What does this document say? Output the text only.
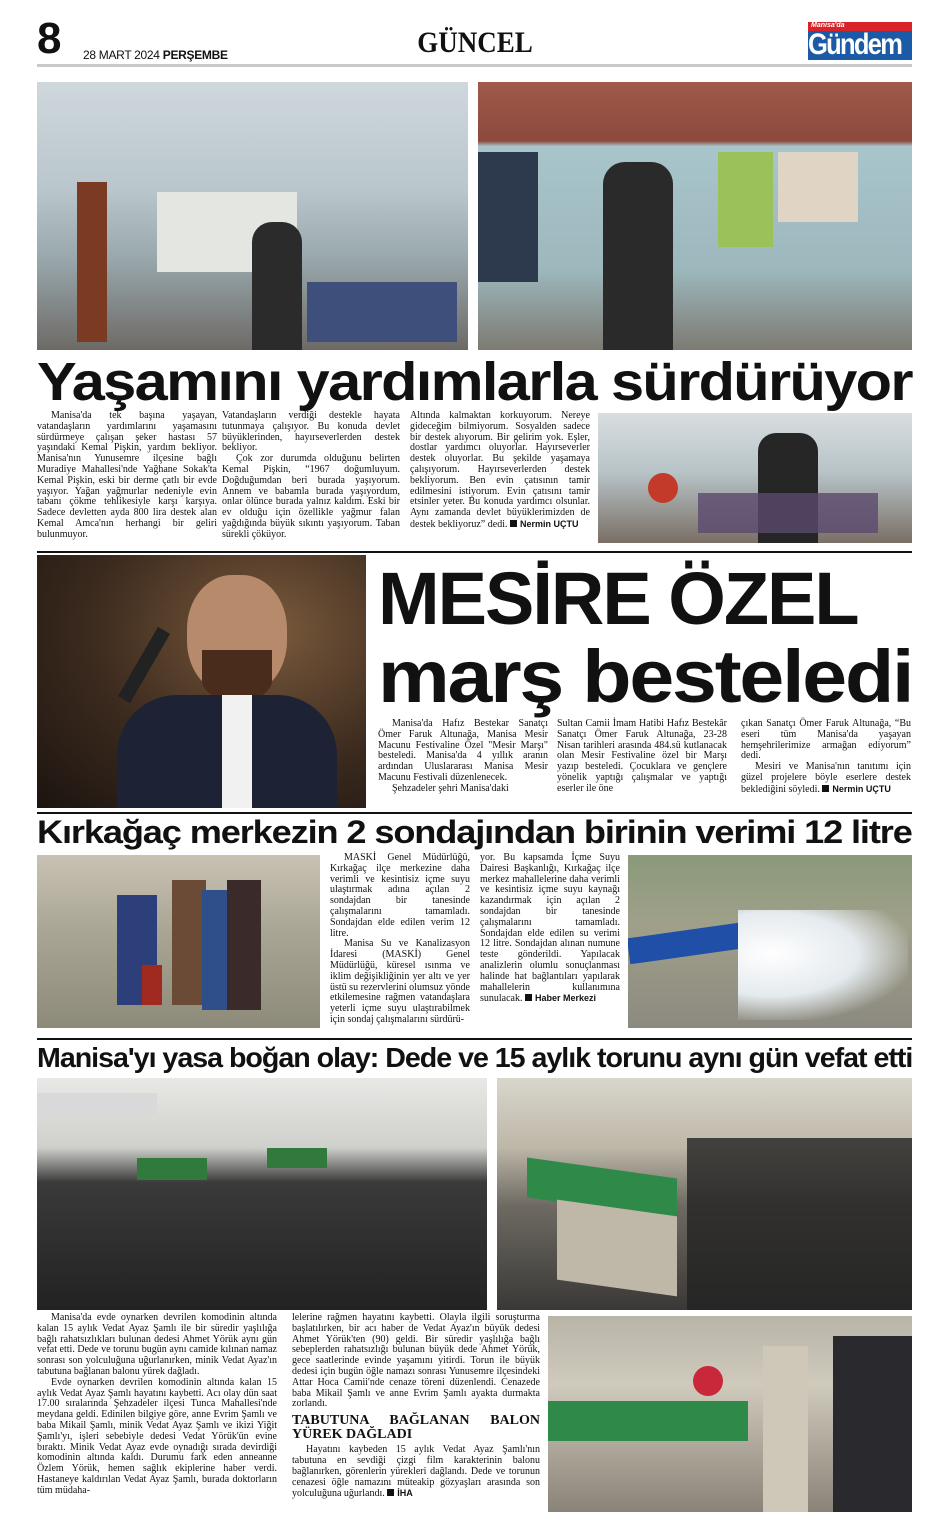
8 28 MART 2024 PERŞEMBE	GÜNCEL
Manisa'da
Gündem
Yaşamını yardımlarla sürdürüyor

Manisa'da tek başına yaşayan, vatandaşların yardımlarını yaşamasını sürdürmeye çalışan şeker hastası 57 yaşındaki Kemal Pişkin, yardım bekliyor. Manisa'nın Yunusemre ilçesine bağlı Muradiye Mahallesi'nde Yağhane Sokak'ta Kemal Pişkin, eski bir derme çatlı bir evde yaşıyor. Yağan yağmurlar nedeniyle evin tabanı çökme tehlikesiyle karşı karşıya. Sadece devletten ayda 800 lira destek alan Kemal Amca'nın herhangi bir geliri bulunmuyor.

Vatandaşların verdiği destekle hayata tutunmaya çalışıyor. Bu konuda devlet büyüklerinden, hayırseverlerden destek bekliyor.

Çok zor durumda olduğunu belirten Kemal Pişkin, “1967 doğumluyum. Doğduğumdan beri burada yaşıyorum. Annem ve babamla burada yaşıyordum, onlar ölünce burada yalnız kaldım. Eski bir ev olduğu için özellikle yağmur falan yağdığında büyük sıkıntı yaşıyorum. Taban sürekli çöküyor.

Altında kalmaktan korkuyorum. Nereye gideceğim bilmiyorum. Sosyalden sadece bir destek alıyorum. Bir gelirim yok. Eşler, dostlar yardımcı oluyorlar. Hayırseverler destek oluyorlar. Bu şekilde yaşamaya çalışıyorum. Hayırseverlerden destek bekliyorum. Ben evin çatısının tamir edilmesini istiyorum. Evin çatısını tamir etsinler yeter. Bu konuda yardımcı olsunlar. Aynı zamanda devlet büyüklerimizden de destek bekliyoruz” dedi. Nermin UÇTU

MESİRE ÖZEL
marş besteledi

Manisa'da Hafız Bestekar Sanatçı Ömer Faruk Altunağa, Manisa Mesir Macunu Festivaline Özel "Mesir Marşı" besteledi. Manisa'da 4 yıllık aranın ardından Uluslararası Manisa Mesir Macunu Festivali düzenlenecek.

Şehzadeler şehri Manisa'daki

Sultan Camii İmam Hatibi Hafız Bestekâr Sanatçı Ömer Faruk Altunağa, 23-28 Nisan tarihleri arasında 484.sü kutlanacak olan Mesir Festivaline özel bir Marşı yazıp besteledi. Çocuklara ve gençlere yönelik yaptığı çalışmalar ve yaptığı eserler ile öne

çıkan Sanatçı Ömer Faruk Altunağa, “Bu eseri tüm Manisa'da yaşayan hemşehrilerimize armağan ediyorum” dedi.

Mesiri ve Manisa'nın tanıtımı için güzel projelere böyle eserlere destek beklediğini söyledi. Nermin UÇTU

Kırkağaç merkezin 2 sondajından birinin verimi 12 litre

MASKİ Genel Müdürlüğü, Kırkağaç ilçe merkezine daha verimli ve kesintisiz içme suyu ulaştırmak adına açılan 2 sondajdan bir tanesinde çalışmalarını tamamladı. Sondajdan elde edilen verim 12 litre.

Manisa Su ve Kanalizasyon İdaresi (MASKİ) Genel Müdürlüğü, küresel ısınma ve iklim değişikliğinin yer altı ve yer üstü su rezervlerini olumsuz yönde etkilemesine rağmen vatandaşlara yeterli içme suyu ulaştırabilmek için sondaj çalışmalarını sürdürü-

yor. Bu kapsamda İçme Suyu Dairesi Başkanlığı, Kırkağaç ilçe merkez mahallelerine daha verimli ve kesintisiz içme suyu kaynağı kazandırmak için açılan 2 sondajdan bir tanesinde çalışmalarını tamamladı. Sondajdan elde edilen su verimi 12 litre. Sondajdan alınan numune teste gönderildi. Yapılacak analizlerin olumlu sonuçlanması halinde hat bağlantıları yapılarak mahallelerin kullanımına sunulacak. Haber Merkezi

Manisa'yı yasa boğan olay: Dede ve 15 aylık torunu aynı gün vefat etti

Manisa'da evde oynarken devrilen komodinin altında kalan 15 aylık Vedat Ayaz Şamlı ile bir süredir yaşlılığa bağlı rahatsızlıkları bulunan dedesi Ahmet Yörük aynı gün vefat etti. Dede ve torunu bugün aynı camide kılınan namaz sonrası son yolculuğuna uğurlanırken, minik Vedat Ayaz'ın tabutuna bağlanan balonu yürek dağladı.

Evde oynarken devrilen komodinin altında kalan 15 aylık Vedat Ayaz Şamlı hayatını kaybetti. Acı olay dün saat 17.00 sıralarında Şehzadeler ilçesi Tunca Mahallesi'nde meydana geldi. Edinilen bilgiye göre, anne Evrim Şamlı ve baba Mikail Şamlı, minik Vedat Ayaz Şamlı ve ikizi Yiğit Şamlı'yı, işleri sebebiyle dedesi Vedat Yörük'ün evine bıraktı. Minik Vedat Ayaz evde oynadığı sırada devirdiği komodinin altında kaldı. Durumu fark eden anneanne Özlem Yörük, hemen sağlık ekiplerine haber verdi. Hastaneye kaldırılan Vedat Ayaz Şamlı, burada doktorların tüm müdaha-

lelerine rağmen hayatını kaybetti. Olayla ilgili soruşturma başlatılırken, bir acı haber de Vedat Ayaz'ın büyük dedesi Ahmet Yörük'ten (90) geldi. Bir süredir yaşlılığa bağlı sebeplerden rahatsızlığı bulunan büyük dede Ahmet Yörük, gece saatlerinde evinde yaşamını yitirdi. Torun ile büyük dedesi için bugün öğle namazı sonrası Yunusemre ilçesindeki Attar Hoca Camii'nde cenaze töreni düzenlendi. Cenazede baba Mikail Şamlı ve anne Evrim Şamlı ayakta durmakta zorlandı.

TABUTUNA BAĞLANAN BALON YÜREK DAĞLADI

Hayatını kaybeden 15 aylık Vedat Ayaz Şamlı'nın tabutuna en sevdiği çizgi film karakterinin balonu bağlanırken, görenlerin yürekleri dağlandı. Dede ve torunun cenazesi öğle namazını müteakip gözyaşları arasında son yolculuğuna uğurlandı. İHA
